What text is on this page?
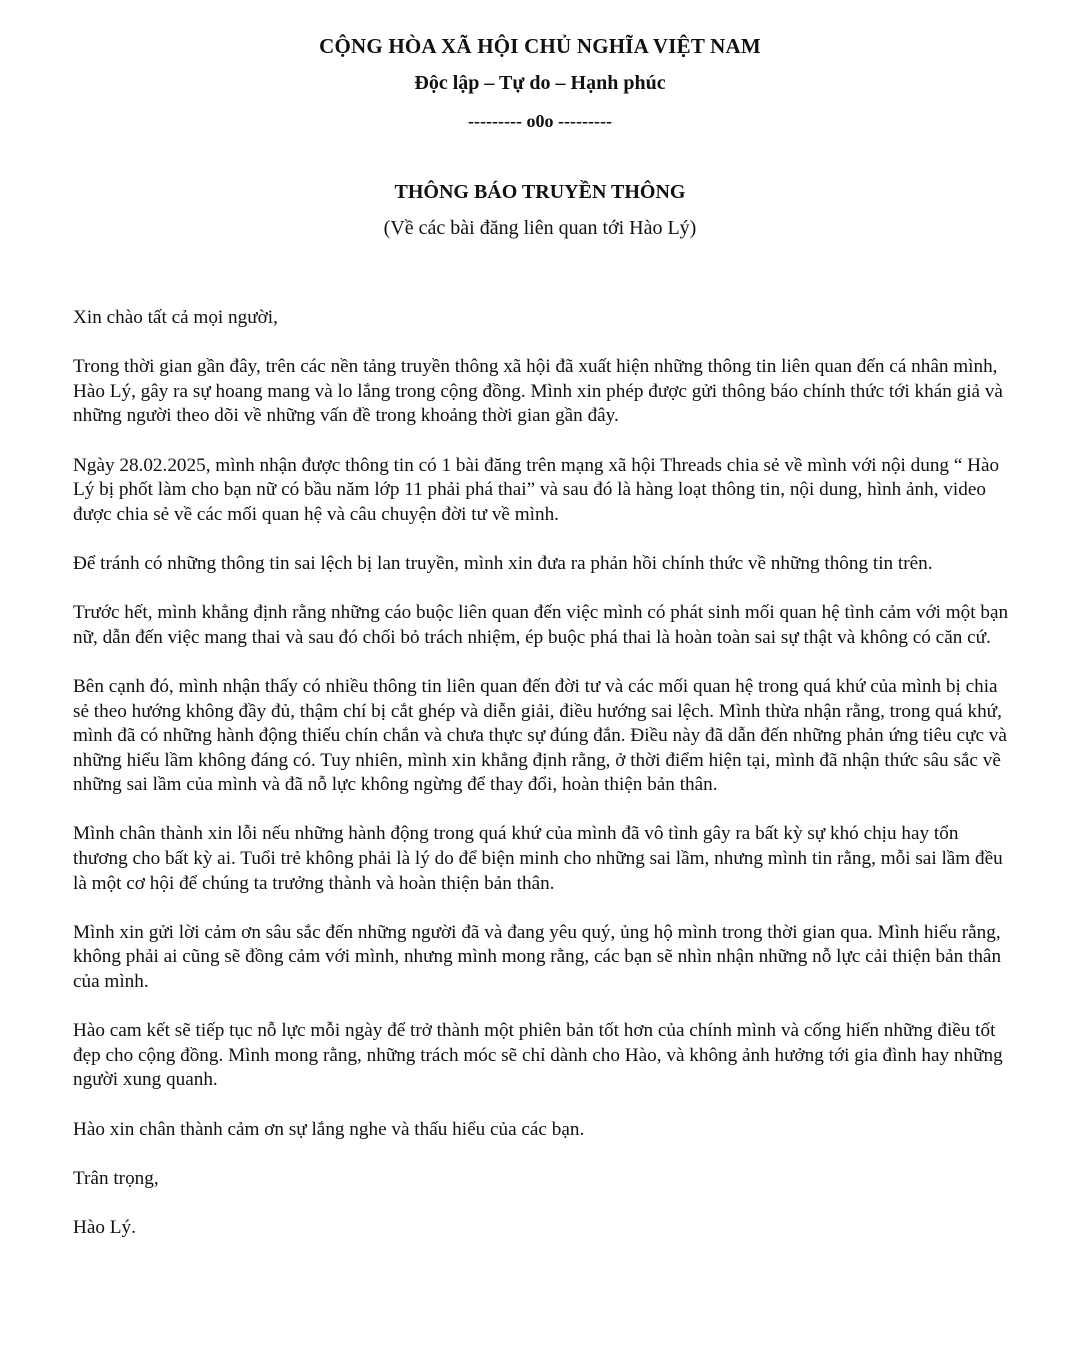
CỘNG HÒA XÃ HỘI CHỦ NGHĨA VIỆT NAM
Độc lập – Tự do – Hạnh phúc
--------- o0o ---------
THÔNG BÁO TRUYỀN THÔNG
(Về các bài đăng liên quan tới Hào Lý)

Xin chào tất cả mọi người,

Trong thời gian gần đây, trên các nền tảng truyền thông xã hội đã xuất hiện những thông tin liên quan đến cá nhân mình, Hào Lý, gây ra sự hoang mang và lo lắng trong cộng đồng. Mình xin phép được gửi thông báo chính thức tới khán giả và những người theo dõi về những vấn đề trong khoảng thời gian gần đây.

Ngày 28.02.2025, mình nhận được thông tin có 1 bài đăng trên mạng xã hội Threads chia sẻ về mình với nội dung “ Hào Lý bị phốt làm cho bạn nữ có bầu năm lớp 11 phải phá thai” và sau đó là hàng loạt thông tin, nội dung, hình ảnh, video được chia sẻ về các mối quan hệ và câu chuyện đời tư về mình.

Để tránh có những thông tin sai lệch bị lan truyền, mình xin đưa ra phản hồi chính thức về những thông tin trên.

Trước hết, mình khẳng định rằng những cáo buộc liên quan đến việc mình có phát sinh mối quan hệ tình cảm với một bạn nữ, dẫn đến việc mang thai và sau đó chối bỏ trách nhiệm, ép buộc phá thai là hoàn toàn sai sự thật và không có căn cứ.

Bên cạnh đó, mình nhận thấy có nhiều thông tin liên quan đến đời tư và các mối quan hệ trong quá khứ của mình bị chia sẻ theo hướng không đầy đủ, thậm chí bị cắt ghép và diễn giải, điều hướng sai lệch. Mình thừa nhận rằng, trong quá khứ, mình đã có những hành động thiếu chín chắn và chưa thực sự đúng đắn. Điều này đã dẫn đến những phản ứng tiêu cực và những hiểu lầm không đáng có. Tuy nhiên, mình xin khẳng định rằng, ở thời điểm hiện tại, mình đã nhận thức sâu sắc về những sai lầm của mình và đã nỗ lực không ngừng để thay đổi, hoàn thiện bản thân.

Mình chân thành xin lỗi nếu những hành động trong quá khứ của mình đã vô tình gây ra bất kỳ sự khó chịu hay tổn thương cho bất kỳ ai. Tuổi trẻ không phải là lý do để biện minh cho những sai lầm, nhưng mình tin rằng, mỗi sai lầm đều là một cơ hội để chúng ta trưởng thành và hoàn thiện bản thân.

Mình xin gửi lời cảm ơn sâu sắc đến những người đã và đang yêu quý, ủng hộ mình trong thời gian qua. Mình hiểu rằng, không phải ai cũng sẽ đồng cảm với mình, nhưng mình mong rằng, các bạn sẽ nhìn nhận những nỗ lực cải thiện bản thân của mình.

Hào cam kết sẽ tiếp tục nỗ lực mỗi ngày để trở thành một phiên bản tốt hơn của chính mình và cống hiến những điều tốt đẹp cho cộng đồng. Mình mong rằng, những trách móc sẽ chỉ dành cho Hào, và không ảnh hưởng tới gia đình hay những người xung quanh.

Hào xin chân thành cảm ơn sự lắng nghe và thấu hiểu của các bạn.

Trân trọng,

Hào Lý.
